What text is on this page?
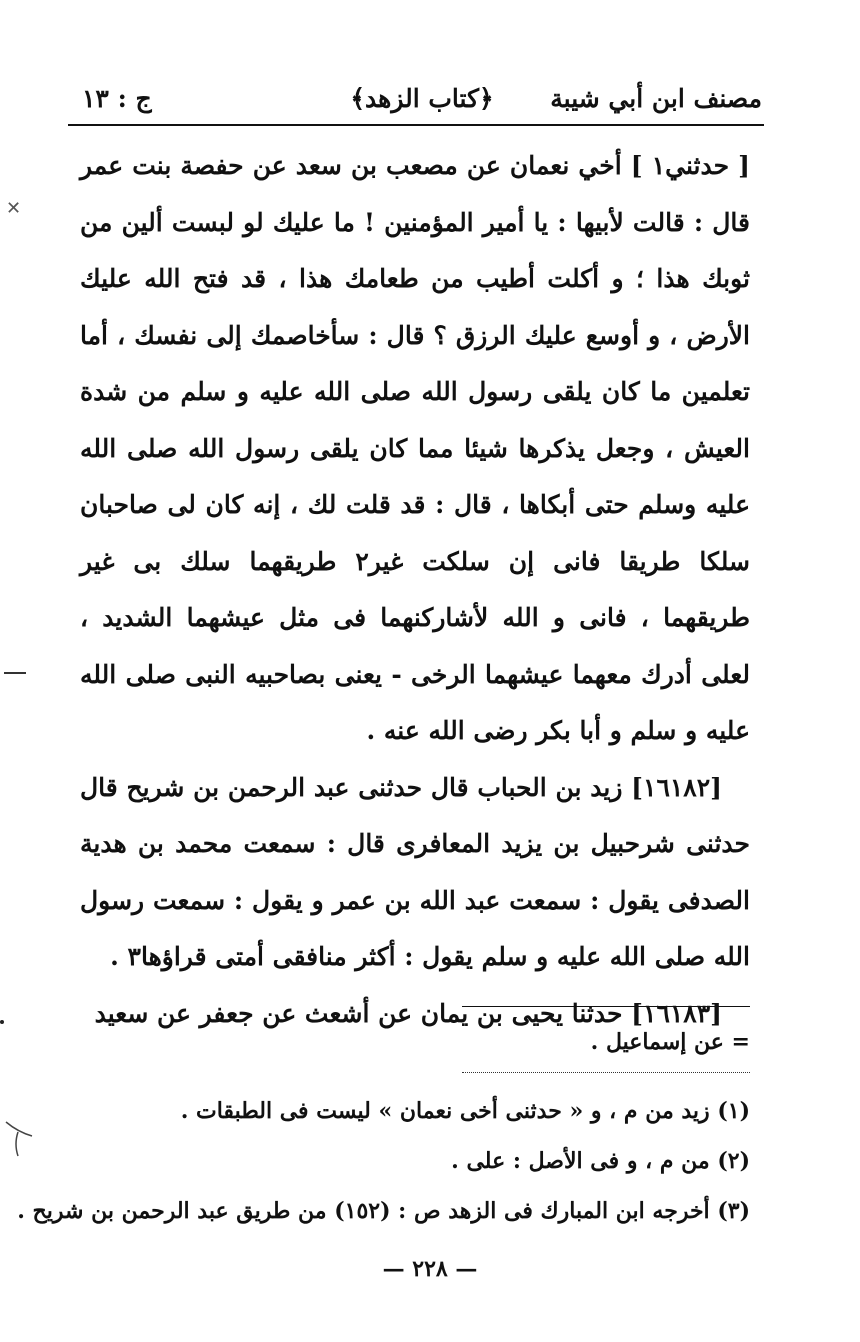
مصنف ابن أبي شيبة
﴿كتاب الزهد﴾
ج : ١٣

[ حدثني١ ] أخي نعمان عن مصعب بن سعد عن حفصة بنت عمر قال : قالت لأبيها : يا أمير المؤمنين ! ما عليك لو لبست ألين من ثوبك هذا ؛ و أكلت أطيب من طعامك هذا ، قد فتح الله عليك الأرض ، و أوسع عليك الرزق ؟ قال : سأخاصمك إلى نفسك ، أما تعلمين ما كان يلقى رسول الله صلى الله عليه و سلم من شدة العيش ، وجعل يذكرها شيئا مما كان يلقى رسول الله صلى الله عليه وسلم حتى أبكاها ، قال : قد قلت لك ، إنه كان لى صاحبان سلكا طريقا فانى إن سلكت غير٢ طريقهما سلك بى غير طريقهما ، فانى و الله لأشاركنهما فى مثل عيشهما الشديد ، لعلى أدرك معهما عيشهما الرخى - يعنى بصاحبيه النبى صلى الله عليه و سلم و أبا بكر رضى الله عنه .

[١٦١٨٢] زيد بن الحباب قال حدثنى عبد الرحمن بن شريح قال حدثنى شرحبيل بن يزيد المعافرى قال : سمعت محمد بن هدية الصدفى يقول : سمعت عبد الله بن عمر و يقول : سمعت رسول الله صلى الله عليه و سلم يقول : أكثر منافقى أمتى قراؤها٣ .

[١٦١٨٣] حدثنا يحيى بن يمان عن أشعث عن جعفر عن سعيد

= عن إسماعيل .

(١) زيد من م ، و « حدثنى أخى نعمان » ليست فى الطبقات .

(٢) من م ، و فى الأصل : على .

(٣) أخرجه ابن المبارك فى الزهد ص : (١٥٢) من طريق عبد الرحمن بن شريح .

— ٢٢٨ —
✕
